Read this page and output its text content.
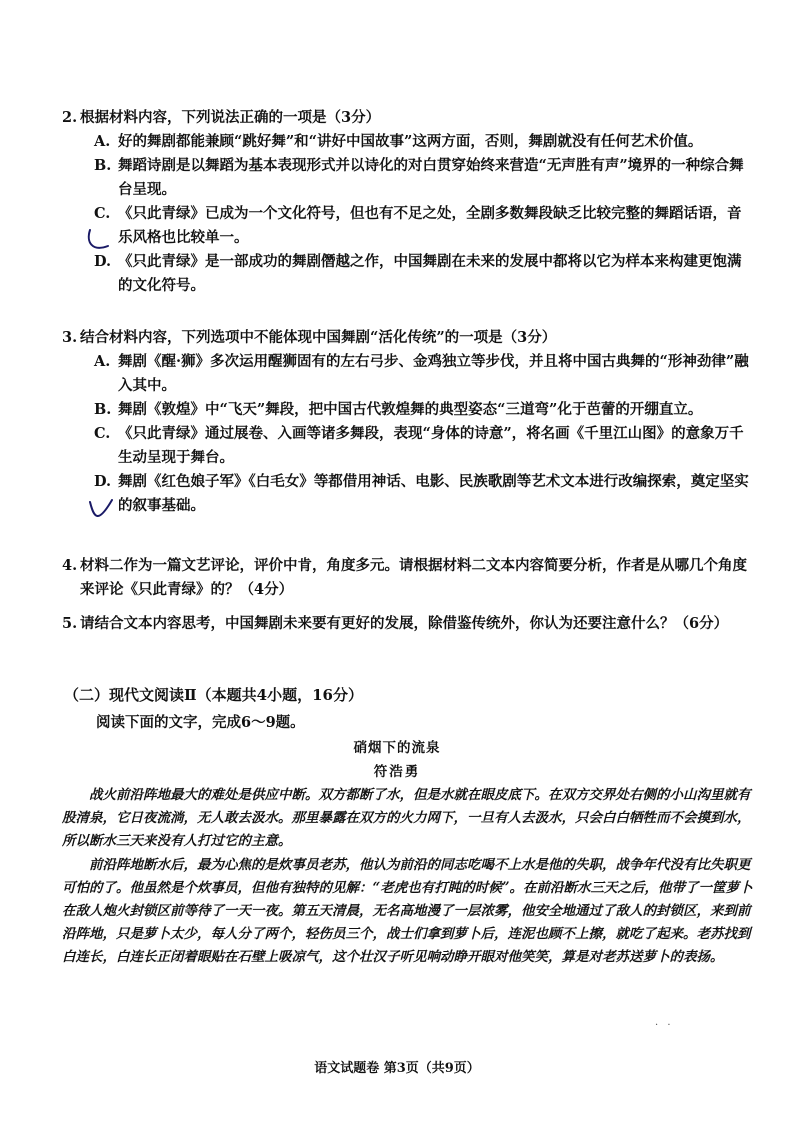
2. 根据材料内容，下列说法正确的一项是（3分）
A. 好的舞剧都能兼顾“跳好舞”和“讲好中国故事”这两方面，否则，舞剧就没有任何艺术价值。
B. 舞蹈诗剧是以舞蹈为基本表现形式并以诗化的对白贯穿始终来营造“无声胜有声”境界的一种综合舞台呈现。
C. 《只此青绿》已成为一个文化符号，但也有不足之处，全剧多数舞段缺乏比较完整的舞蹈话语，音乐风格也比较单一。
D. 《只此青绿》是一部成功的舞剧僭越之作，中国舞剧在未来的发展中都将以它为样本来构建更饱满的文化符号。
3. 结合材料内容，下列选项中不能体现中国舞剧“活化传统”的一项是（3分）
A. 舞剧《醒·狮》多次运用醒狮固有的左右弓步、金鸡独立等步伐，并且将中国古典舞的“形神劲律”融入其中。
B. 舞剧《敦煌》中“飞天”舞段，把中国古代敦煌舞的典型姿态“三道弯”化于芭蕾的开绷直立。
C. 《只此青绿》通过展卷、入画等诸多舞段，表现“身体的诗意”，将名画《千里江山图》的意象万千生动呈现于舞台。
D. 舞剧《红色娘子军》《白毛女》等都借用神话、电影、民族歌剧等艺术文本进行改编探索，奠定坚实的叙事基础。
4. 材料二作为一篇文艺评论，评价中肯，角度多元。请根据材料二文本内容简要分析，作者是从哪几个角度来评论《只此青绿》的？（4分）
5. 请结合文本内容思考，中国舞剧未来要有更好的发展，除借鉴传统外，你认为还要注意什么？（6分）
（二）现代文阅读Ⅱ（本题共4小题，16分）
阅读下面的文字，完成6～9题。
硝烟下的流泉
符浩勇
战火前沿阵地最大的难处是供应中断。双方都断了水，但是水就在眼皮底下。在双方交界处右侧的小山沟里就有股清泉，它日夜流淌，无人敢去汲水。那里暴露在双方的火力网下，一旦有人去汲水，只会白白牺牲而不会摸到水，所以断水三天来没有人打过它的主意。
前沿阵地断水后，最为心焦的是炊事员老苏，他认为前沿的同志吃喝不上水是他的失职，战争年代没有比失职更可怕的了。他虽然是个炊事员，但他有独特的见解：“老虎也有打盹的时候”。在前沿断水三天之后，他带了一筐萝卜在敌人炮火封锁区前等待了一天一夜。第五天清晨，无名高地漫了一层浓雾，他安全地通过了敌人的封锁区，来到前沿阵地，只是萝卜太少，每人分了两个，轻伤员三个，战士们拿到萝卜后，连泥也顾不上擦，就吃了起来。老苏找到白连长，白连长正闭着眼贴在石壁上吸凉气，这个壮汉子听见响动睁开眼对他笑笑，算是对老苏送萝卜的表扬。
· ·
语文试题卷 第3页（共9页）
